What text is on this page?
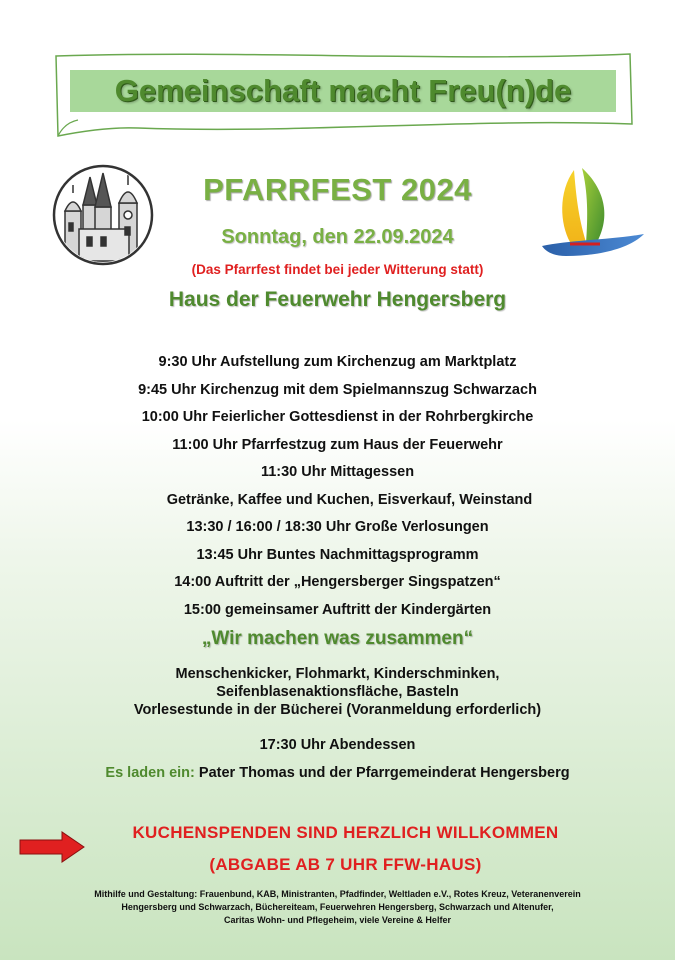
Gemeinschaft macht Freu(n)de
PFARRFEST 2024
Sonntag, den 22.09.2024
(Das Pfarrfest findet bei jeder Witterung statt)
Haus der Feuerwehr Hengersberg
9:30 Uhr Aufstellung zum Kirchenzug am Marktplatz
9:45 Uhr Kirchenzug mit dem Spielmannszug Schwarzach
10:00 Uhr Feierlicher Gottesdienst in der Rohrbergkirche
11:00 Uhr Pfarrfestzug zum Haus der Feuerwehr
11:30 Uhr Mittagessen
Getränke, Kaffee und Kuchen, Eisverkauf, Weinstand
13:30 / 16:00 / 18:30 Uhr Große Verlosungen
13:45 Uhr Buntes Nachmittagsprogramm
14:00 Auftritt der „Hengersberger Singspatzen“
15:00 gemeinsamer Auftritt der Kindergärten
„Wir machen was zusammen“
Menschenkicker, Flohmarkt, Kinderschminken,
Seifenblasenaktionsfläche, Basteln
Vorlesestunde in der Bücherei (Voranmeldung erforderlich)
17:30 Uhr Abendessen
Es laden ein: Pater Thomas und der Pfarrgemeinderat Hengersberg
KUCHENSPENDEN SIND HERZLICH WILLKOMMEN
(ABGABE AB 7 UHR FFW-HAUS)
Mithilfe und Gestaltung: Frauenbund, KAB, Ministranten, Pfadfinder, Weltladen e.V., Rotes Kreuz, Veteranenverein
Hengersberg und Schwarzach, Büchereiteam, Feuerwehren Hengersberg, Schwarzach und Altenufer,
Caritas Wohn- und Pflegeheim, viele Vereine & Helfer
